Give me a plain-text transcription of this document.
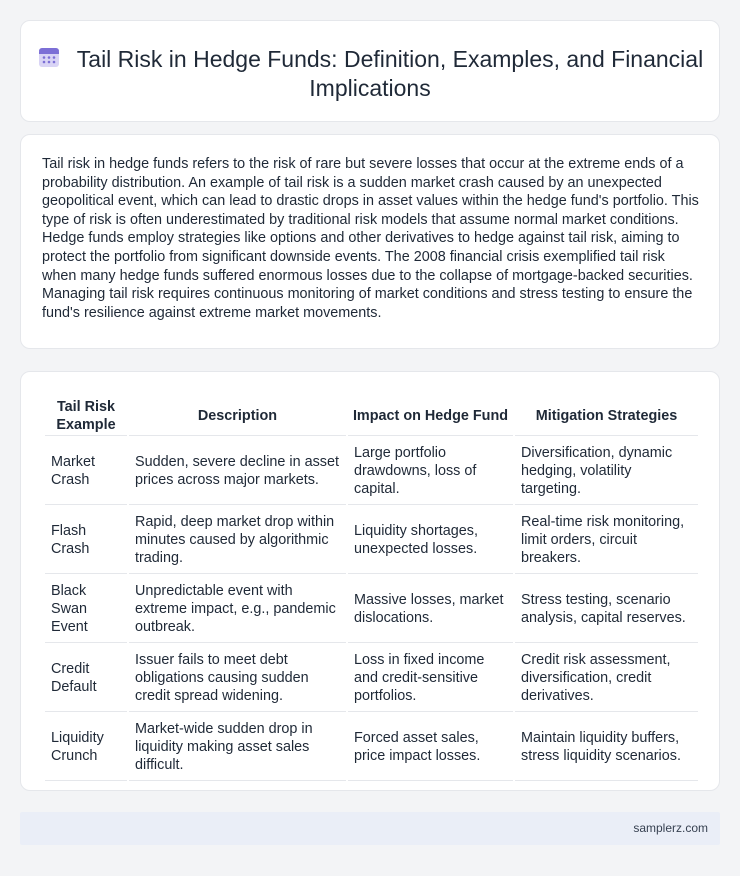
Tail Risk in Hedge Funds: Definition, Examples, and Financial Implications

Tail risk in hedge funds refers to the risk of rare but severe losses that occur at the extreme ends of a probability distribution. An example of tail risk is a sudden market crash caused by an unexpected geopolitical event, which can lead to drastic drops in asset values within the hedge fund's portfolio. This type of risk is often underestimated by traditional risk models that assume normal market conditions. Hedge funds employ strategies like options and other derivatives to hedge against tail risk, aiming to protect the portfolio from significant downside events. The 2008 financial crisis exemplified tail risk when many hedge funds suffered enormous losses due to the collapse of mortgage-backed securities. Managing tail risk requires continuous monitoring of market conditions and stress testing to ensure the fund's resilience against extreme market movements.

Tail Risk Example	Description	Impact on Hedge Fund	Mitigation Strategies
Market Crash	Sudden, severe decline in asset prices across major markets.	Large portfolio drawdowns, loss of capital.	Diversification, dynamic hedging, volatility targeting.
Flash Crash	Rapid, deep market drop within minutes caused by algorithmic trading.	Liquidity shortages, unexpected losses.	Real-time risk monitoring, limit orders, circuit breakers.
Black Swan Event	Unpredictable event with extreme impact, e.g., pandemic outbreak.	Massive losses, market dislocations.	Stress testing, scenario analysis, capital reserves.
Credit Default	Issuer fails to meet debt obligations causing sudden credit spread widening.	Loss in fixed income and credit-sensitive portfolios.	Credit risk assessment, diversification, credit derivatives.
Liquidity Crunch	Market-wide sudden drop in liquidity making asset sales difficult.	Forced asset sales, price impact losses.	Maintain liquidity buffers, stress liquidity scenarios.
samplerz.com
